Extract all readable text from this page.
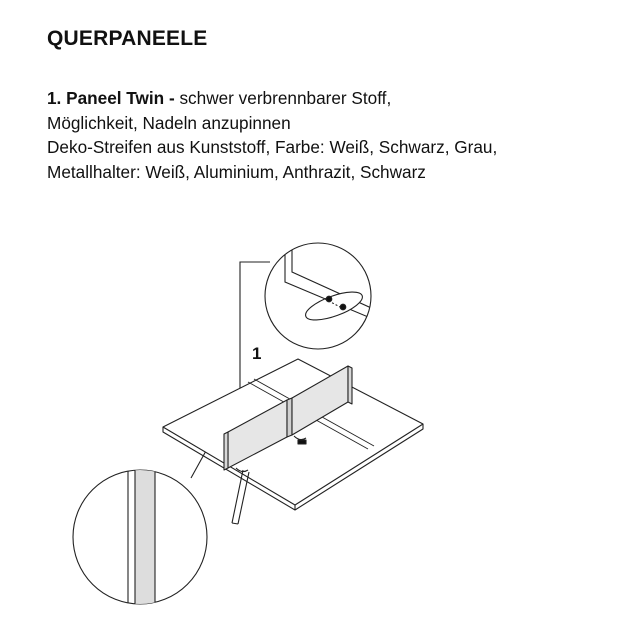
QUERPANEELE
1. Paneel Twin - schwer verbrennbarer Stoff,
Möglichkeit, Nadeln anzupinnen
Deko-Streifen aus Kunststoff, Farbe: Weiß, Schwarz, Grau,
Metallhalter: Weiß, Aluminium, Anthrazit, Schwarz
1
